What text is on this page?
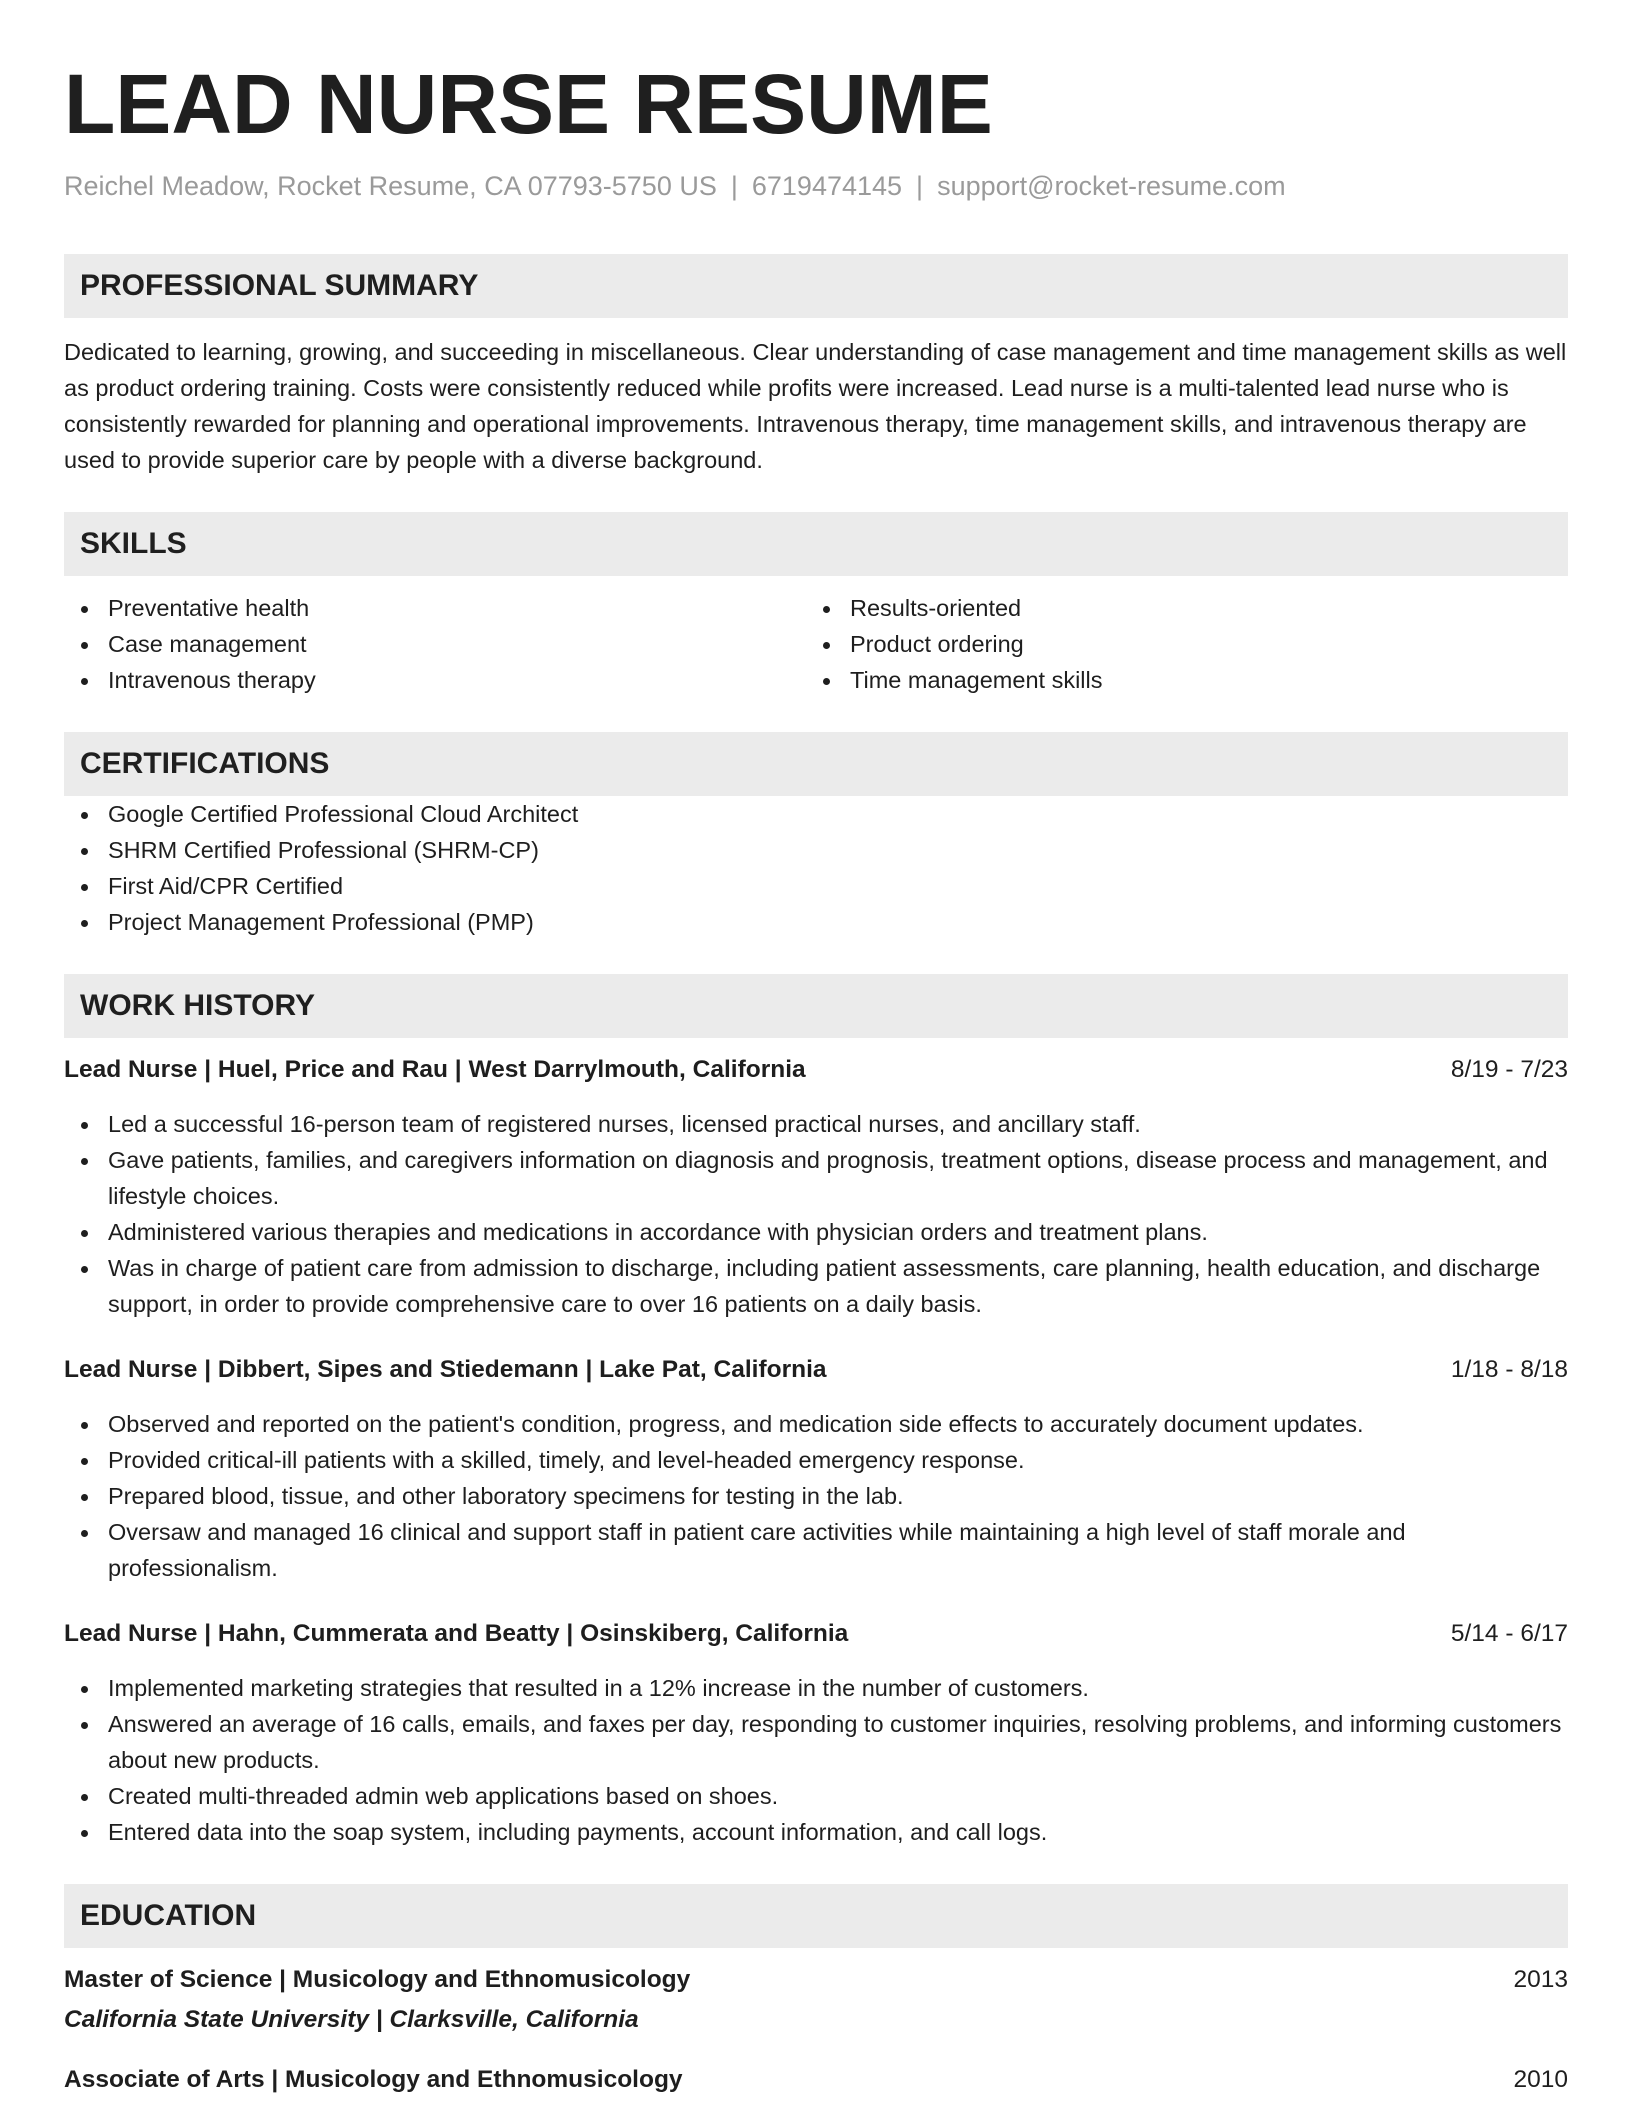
LEAD NURSE RESUME
Reichel Meadow, Rocket Resume, CA 07793-5750 US | 6719474145 | support@rocket-resume.com
PROFESSIONAL SUMMARY
Dedicated to learning, growing, and succeeding in miscellaneous. Clear understanding of case management and time management skills as well as product ordering training. Costs were consistently reduced while profits were increased. Lead nurse is a multi-talented lead nurse who is consistently rewarded for planning and operational improvements. Intravenous therapy, time management skills, and intravenous therapy are used to provide superior care by people with a diverse background.
SKILLS
Preventative health
Case management
Intravenous therapy
Results-oriented
Product ordering
Time management skills
CERTIFICATIONS
Google Certified Professional Cloud Architect
SHRM Certified Professional (SHRM-CP)
First Aid/CPR Certified
Project Management Professional (PMP)
WORK HISTORY
Lead Nurse | Huel, Price and Rau | West Darrylmouth, California	8/19 - 7/23
Led a successful 16-person team of registered nurses, licensed practical nurses, and ancillary staff.
Gave patients, families, and caregivers information on diagnosis and prognosis, treatment options, disease process and management, and lifestyle choices.
Administered various therapies and medications in accordance with physician orders and treatment plans.
Was in charge of patient care from admission to discharge, including patient assessments, care planning, health education, and discharge support, in order to provide comprehensive care to over 16 patients on a daily basis.
Lead Nurse | Dibbert, Sipes and Stiedemann | Lake Pat, California	1/18 - 8/18
Observed and reported on the patient's condition, progress, and medication side effects to accurately document updates.
Provided critical-ill patients with a skilled, timely, and level-headed emergency response.
Prepared blood, tissue, and other laboratory specimens for testing in the lab.
Oversaw and managed 16 clinical and support staff in patient care activities while maintaining a high level of staff morale and professionalism.
Lead Nurse | Hahn, Cummerata and Beatty | Osinskiberg, California	5/14 - 6/17
Implemented marketing strategies that resulted in a 12% increase in the number of customers.
Answered an average of 16 calls, emails, and faxes per day, responding to customer inquiries, resolving problems, and informing customers about new products.
Created multi-threaded admin web applications based on shoes.
Entered data into the soap system, including payments, account information, and call logs.
EDUCATION
Master of Science | Musicology and Ethnomusicology	2013
California State University | Clarksville, California
Associate of Arts | Musicology and Ethnomusicology	2010
